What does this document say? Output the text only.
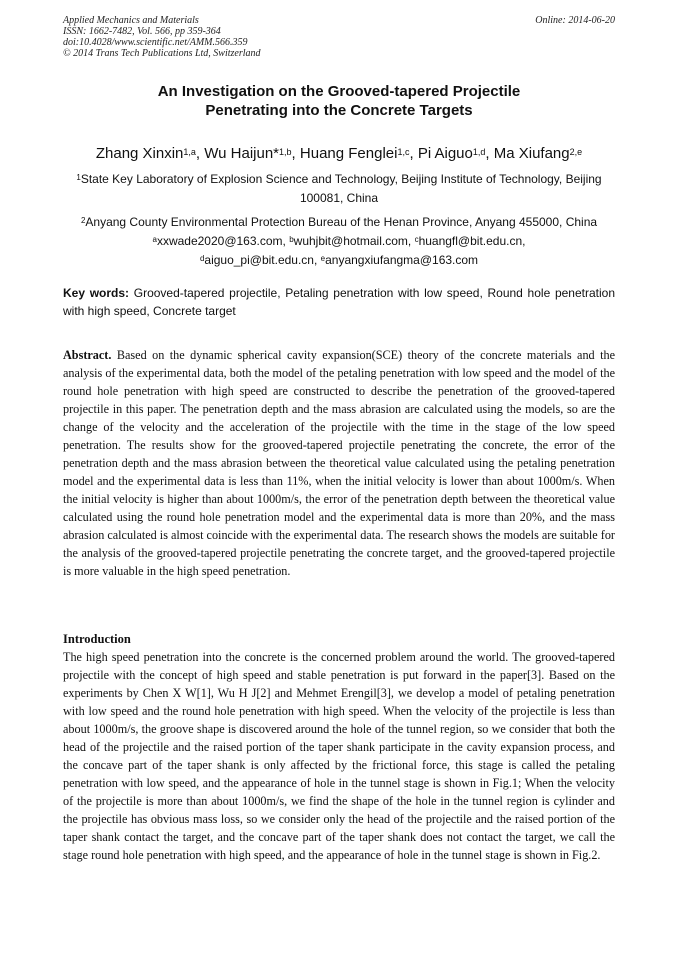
Applied Mechanics and Materials
ISSN: 1662-7482, Vol. 566, pp 359-364
doi:10.4028/www.scientific.net/AMM.566.359
© 2014 Trans Tech Publications Ltd, Switzerland
Online: 2014-06-20
An Investigation on the Grooved-tapered Projectile
Penetrating into the Concrete Targets
Zhang Xinxin$^{1,a}$, Wu Haijun*$^{1,b}$, Huang Fenglei$^{1,c}$, Pi Aiguo$^{1,d}$, Ma Xiufang$^{2,e}$
$^1$State Key Laboratory of Explosion Science and Technology, Beijing Institute of Technology, Beijing 100081, China
$^2$Anyang County Environmental Protection Bureau of the Henan Province, Anyang 455000, China
$^a$xxwade2020@163.com, $^b$wuhjbit@hotmail.com, $^c$huangfl@bit.edu.cn,
$^d$aiguo_pi@bit.edu.cn, $^e$anyangxiufangma@163.com
Key words: Grooved-tapered projectile, Petaling penetration with low speed, Round hole penetration with high speed, Concrete target
Abstract. Based on the dynamic spherical cavity expansion(SCE) theory of the concrete materials and the analysis of the experimental data, both the model of the petaling penetration with low speed and the model of the round hole penetration with high speed are constructed to describe the penetration of the grooved-tapered projectile in this paper. The penetration depth and the mass abrasion are calculated using the models, so are the change of the velocity and the acceleration of the projectile with the time in the stage of the low speed penetration. The results show for the grooved-tapered projectile penetrating the concrete, the error of the penetration depth and the mass abrasion between the theoretical value calculated using the petaling penetration model and the experimental data is less than 11%, when the initial velocity is lower than about 1000m/s. When the initial velocity is higher than about 1000m/s, the error of the penetration depth between the theoretical value calculated using the round hole penetration model and the experimental data is more than 20%, and the mass abrasion calculated is almost coincide with the experimental data. The research shows the models are suitable for the analysis of the grooved-tapered projectile penetrating the concrete target, and the grooved-tapered projectile is more valuable in the high speed penetration.
Introduction
The high speed penetration into the concrete is the concerned problem around the world. The grooved-tapered projectile with the concept of high speed and stable penetration is put forward in the paper[3]. Based on the experiments by Chen X W[1], Wu H J[2] and Mehmet Erengil[3], we develop a model of petaling penetration with low speed and the round hole penetration with high speed. When the velocity of the projectile is less than about 1000m/s, the groove shape is discovered around the hole of the tunnel region, so we consider that both the head of the projectile and the raised portion of the taper shank participate in the cavity expansion process, and the concave part of the taper shank is only affected by the frictional force, this stage is called the petaling penetration with low speed, and the appearance of hole in the tunnel stage is shown in Fig.1; When the velocity of the projectile is more than about 1000m/s, we find the shape of the hole in the tunnel region is cylinder and the projectile has obvious mass loss, so we consider only the head of the projectile and the raised portion of the taper shank contact the target, and the concave part of the taper shank does not contact the target, we call the stage round hole penetration with high speed, and the appearance of hole in the tunnel stage is shown in Fig.2.
